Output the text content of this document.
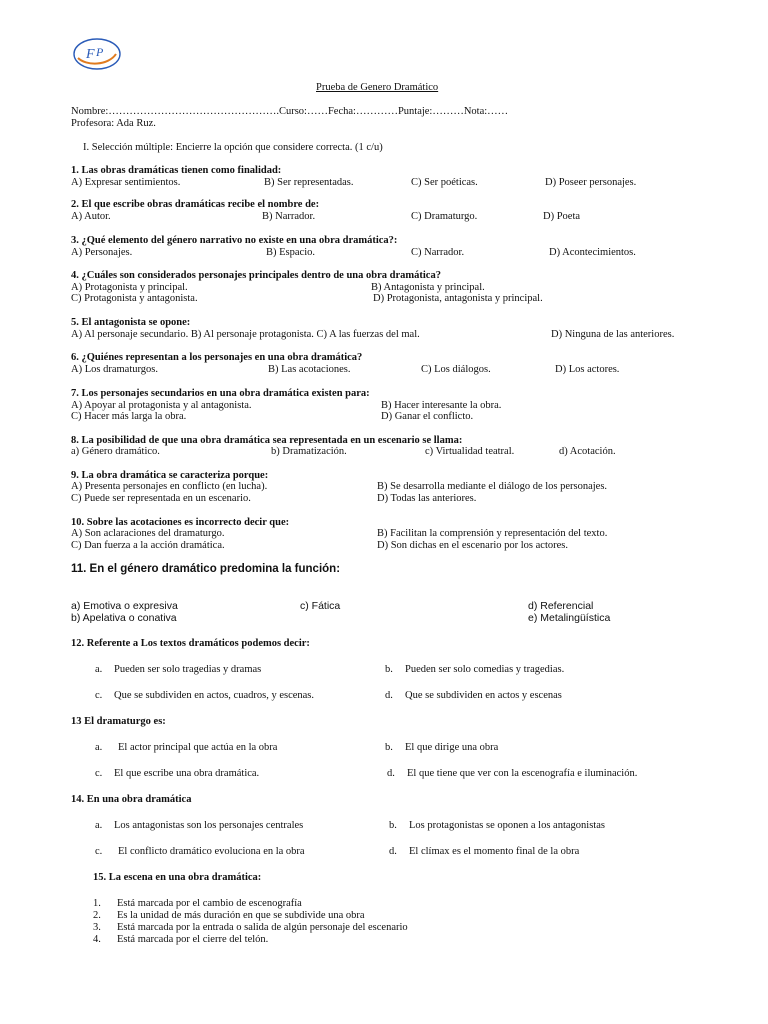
F P
Prueba de Genero Dramático
Nombre:………………………………………….Curso:……Fecha:…………Puntaje:………Nota:……
Profesora: Ada Ruz.
I. Selección múltiple: Encierre la opción que considere correcta. (1 c/u)
1. Las obras dramáticas tienen como finalidad:
A) Expresar sentimientos.	B) Ser representadas.	C) Ser poéticas.	D) Poseer personajes.
2. El que escribe obras dramáticas recibe el nombre de:
A) Autor.	B) Narrador.	C) Dramaturgo.	D) Poeta
3. ¿Qué elemento del género narrativo no existe en una obra dramática?:
A) Personajes.	B) Espacio.	C) Narrador.	D) Acontecimientos.
4. ¿Cuáles son considerados personajes principales dentro de una obra dramática?
A) Protagonista y principal.	B) Antagonista y principal.
C) Protagonista y antagonista.	D) Protagonista, antagonista y principal.
5. El antagonista se opone:
A) Al personaje secundario. B) Al personaje protagonista. C) A las fuerzas del mal.	D) Ninguna de las anteriores.
6. ¿Quiénes representan a los personajes en una obra dramática?
A) Los dramaturgos.	B) Las acotaciones.	C) Los diálogos.	D) Los actores.
7. Los personajes secundarios en una obra dramática existen para:
A) Apoyar al protagonista y al antagonista.	B) Hacer interesante la obra.
C) Hacer más larga la obra.	D) Ganar el conflicto.
8. La posibilidad de que una obra dramática sea representada en un escenario se llama:
a) Género dramático.	b) Dramatización.	c) Virtualidad teatral.	d) Acotación.
9. La obra dramática se caracteriza porque:
A) Presenta personajes en conflicto (en lucha).	B) Se desarrolla mediante el diálogo de los personajes.
C) Puede ser representada en un escenario.	D) Todas las anteriores.
10. Sobre las acotaciones es incorrecto decir que:
A) Son aclaraciones del dramaturgo.	B) Facilitan la comprensión y representación del texto.
C) Dan fuerza a la acción dramática.	D) Son dichas en el escenario por los actores.
11. En el género dramático predomina la función:
a) Emotiva o expresiva	c) Fática	d) Referencial
b) Apelativa o conativa	e) Metalingüística
12. Referente a Los textos dramáticos podemos decir:
a. Pueden ser solo tragedias y dramas	b. Pueden ser solo comedias y tragedias.
c. Que se subdividen en actos, cuadros, y escenas.	d. Que se subdividen en actos y escenas
13 El dramaturgo es:
a. El actor principal que actúa en la obra	b. El que dirige una obra
c. El que escribe una obra dramática.	d. El que tiene que ver con la escenografía e iluminación.
14. En una obra dramática
a. Los antagonistas son los personajes centrales	b. Los protagonistas se oponen a los antagonistas
c. El conflicto dramático evoluciona en la obra	d. El clímax es el momento final de la obra
15. La escena en una obra dramática:
1. Está marcada por el cambio de escenografía
2. Es la unidad de más duración en que se subdivide una obra
3. Está marcada por la entrada o salida de algún personaje del escenario
4. Está marcada por el cierre del telón.
